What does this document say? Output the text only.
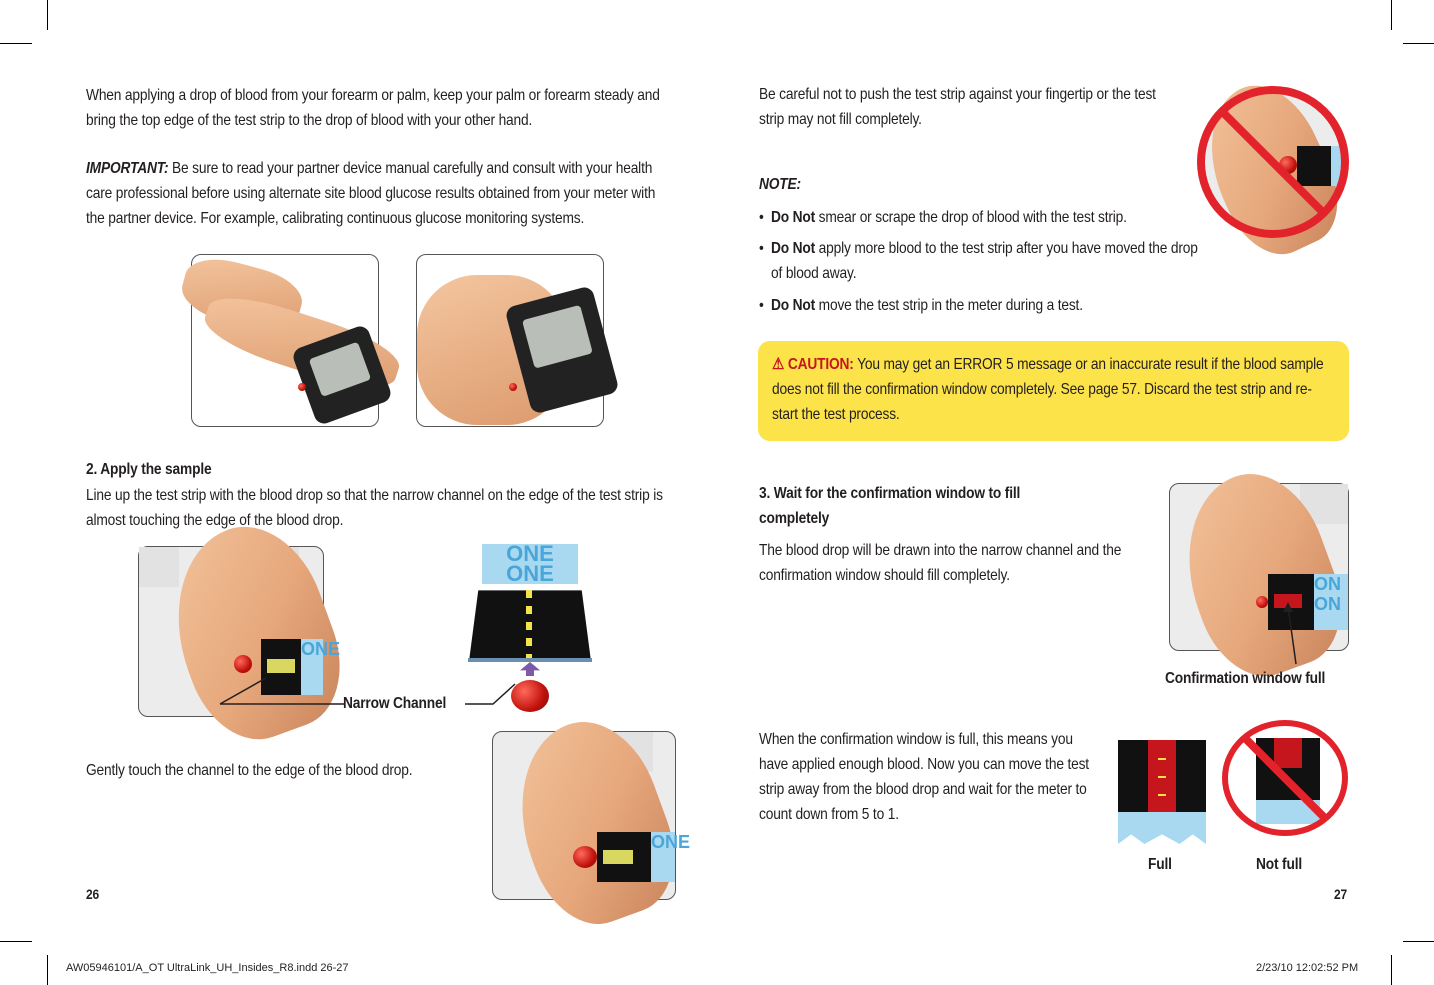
When applying a drop of blood from your forearm or palm, keep your palm or forearm steady and bring the top edge of the test strip to the drop of blood with your other hand.
IMPORTANT: Be sure to read your partner device manual carefully and consult with your health care professional before using alternate site blood glucose results obtained from your meter with the partner device. For example, calibrating continuous glucose monitoring systems.
2. Apply the sample
Line up the test strip with the blood drop so that the narrow channel on the edge of the test strip is almost touching the edge of the blood drop.
ONE
Narrow Channel
ONE ONE
Gently touch the channel to the edge of the blood drop.
ONE
26
Be careful not to push the test strip against your fingertip or the test strip may not fill completely.
NOTE:
•  Do Not smear or scrape the drop of blood with the test strip.
•  Do Not apply more blood to the test strip after you have moved the drop of blood away.
•  Do Not move the test strip in the meter during a test.
⚠ CAUTION: You may get an ERROR 5 message or an inaccurate result if the blood sample does not fill the confirmation window completely. See page 57. Discard the test strip and re-start the test process.
3. Wait for the confirmation window to fill completely
The blood drop will be drawn into the narrow channel and the confirmation window should fill completely.	ON ON
Confirmation window full
When the confirmation window is full, this means you have applied enough blood. Now you can move the test strip away from the blood drop and wait for the meter to count down from 5 to 1.
Full	Not full
27
AW05946101/A_OT UltraLink_UH_Insides_R8.indd 26-27	2/23/10 12:02:52 PM
